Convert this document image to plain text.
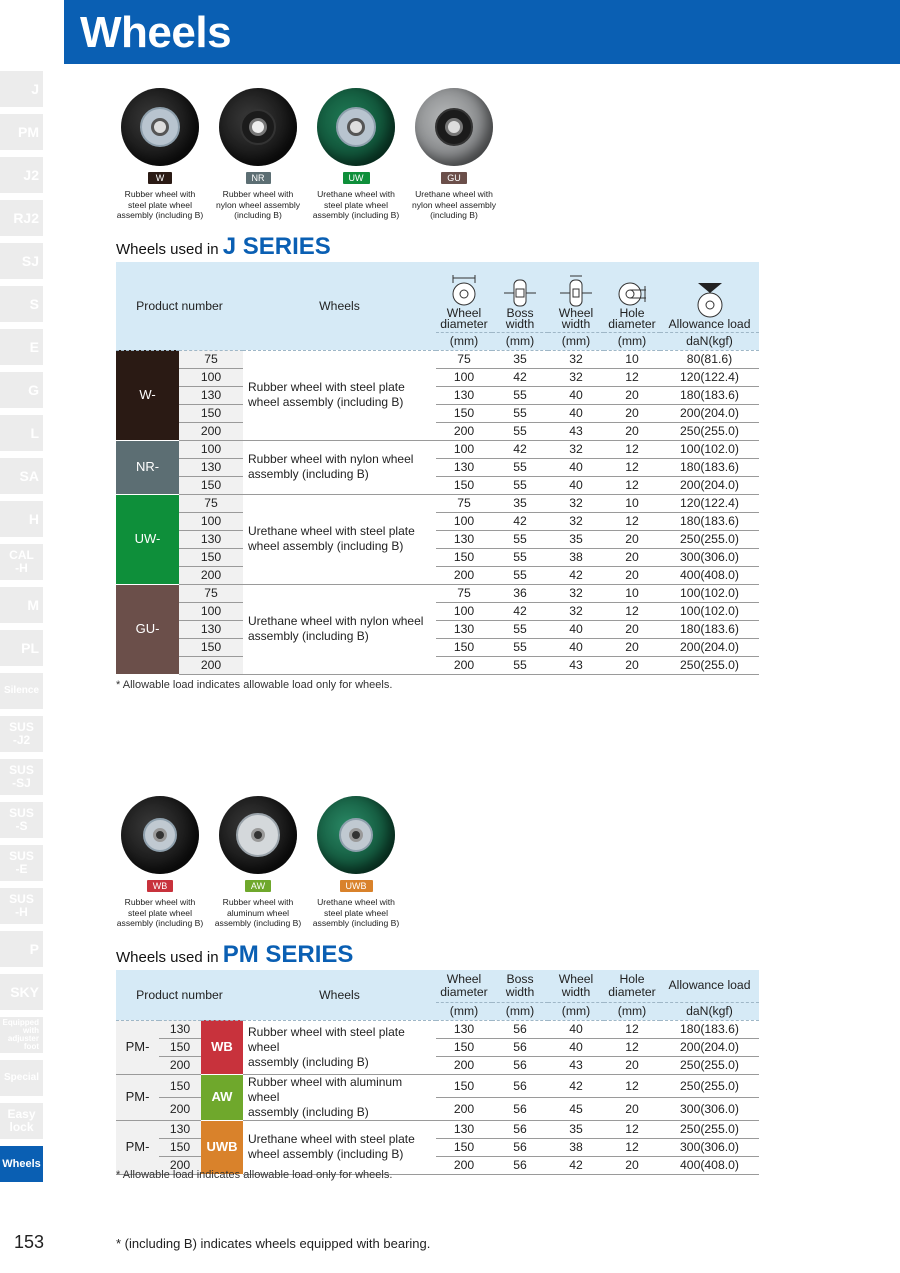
Wheels
J
PM
J2
RJ2
SJ
S
E
G
L
SA
H
CAL
-H
M
PL
Silence
SUS
-J2
SUS
-SJ
SUS
-S
SUS
-E
SUS
-H
P
SKY
Equipped
with
adjuster
foot
Special
Easy
lock
Wheels
W
Rubber wheel with
steel plate wheel
assembly (including B)
NR
Rubber wheel with
nylon wheel assembly
(including B)
UW
Urethane wheel with
steel plate wheel
assembly (including B)
GU
Urethane wheel with
nylon wheel assembly
(including B)
Wheels used in J SERIES
Product number		Wheels	Wheel
diameter	Boss
width	Wheel
width	Hole
diameter	Allowance load

			(mm)	(mm)	(mm)	(mm)	daN(kgf)
W-	75	Rubber wheel with steel plate
wheel assembly (including B)	75	35	32	10	80(81.6)
	100		100	42	32	12	120(122.4)
	130		130	55	40	20	180(183.6)
	150		150	55	40	20	200(204.0)
	200		200	55	43	20	250(255.0)
NR-	100	Rubber wheel with nylon wheel
assembly (including B)	100	42	32	12	100(102.0)
	130		130	55	40	12	180(183.6)
	150		150	55	40	12	200(204.0)
UW-	75	Urethane wheel with steel plate
wheel assembly (including B)	75	35	32	10	120(122.4)
	100		100	42	32	12	180(183.6)
	130		130	55	35	20	250(255.0)
	150		150	55	38	20	300(306.0)
	200		200	55	42	20	400(408.0)
GU-	75	Urethane wheel with nylon wheel
assembly (including B)	75	36	32	10	100(102.0)
	100		100	42	32	12	100(102.0)
	130		130	55	40	20	180(183.6)
	150		150	55	40	20	200(204.0)
	200		200	55	43	20	250(255.0)
* Allowable load indicates allowable load only for wheels.
WB
Rubber wheel with
steel plate wheel
assembly (including B)
AW
Rubber wheel with
aluminum wheel
assembly (including B)
UWB
Urethane wheel with
steel plate wheel
assembly (including B)
Wheels used in PM SERIES
Product number			Wheels	Wheel
diameter	Boss
width	Wheel
width	Hole
diameter	Allowance load
				(mm)	(mm)	(mm)	(mm)	daN(kgf)
PM-	130	WB	Rubber wheel with steel plate wheel
assembly (including B)	130	56	40	12	180(183.6)
	150			150	56	40	12	200(204.0)
	200			200	56	43	20	250(255.0)
PM-	150	AW	Rubber wheel with aluminum wheel
assembly (including B)	150	56	42	12	250(255.0)
	200			200	56	45	20	300(306.0)
PM-	130	UWB	Urethane wheel with steel plate
wheel assembly (including B)	130	56	35	12	250(255.0)
	150			150	56	38	12	300(306.0)
	200			200	56	42	20	400(408.0)
* Allowable load indicates allowable load only for wheels.
153	* (including B) indicates wheels equipped with bearing.
